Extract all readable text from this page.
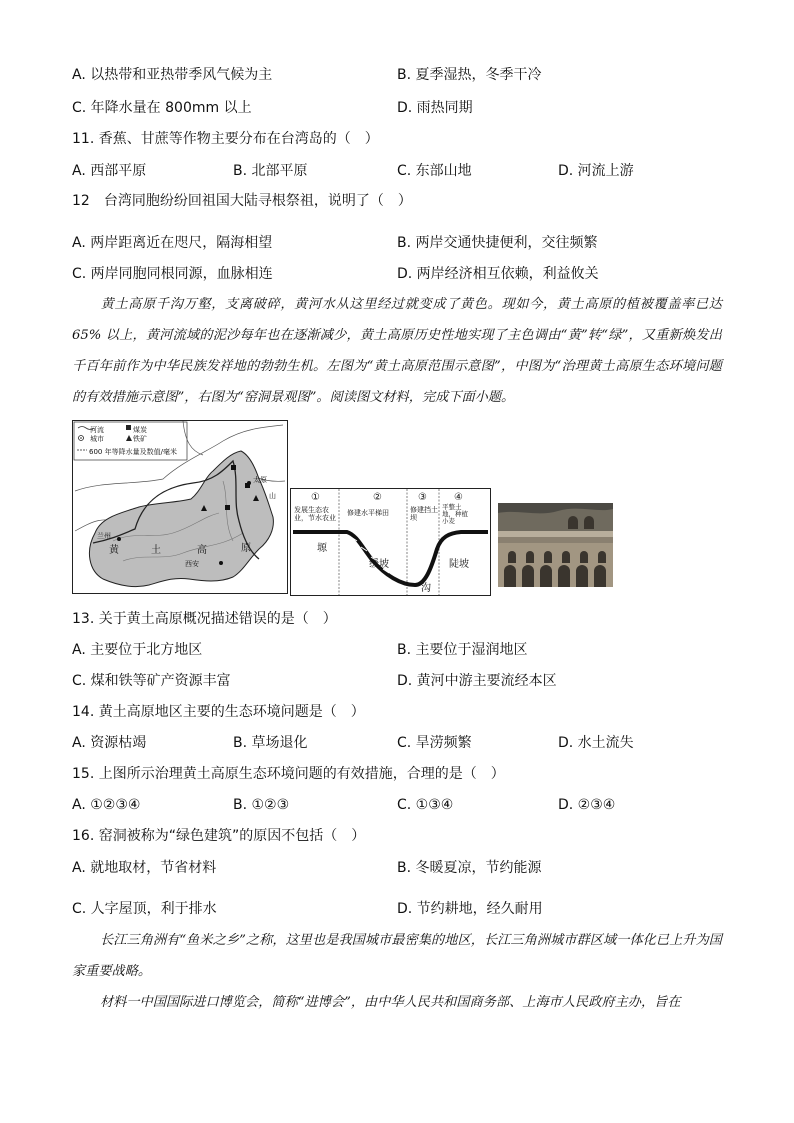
A. 以热带和亚热带季风气候为主	B. 夏季湿热，冬季干冷
C. 年降水量在 800mm 以上	D. 雨热同期
11. 香蕉、甘蔗等作物主要分布在台湾岛的（　）
A. 西部平原	B. 北部平原	C. 东部山地	D. 河流上游
12　台湾同胞纷纷回祖国大陆寻根祭祖，说明了（　）
A. 两岸距离近在咫尺，隔海相望	B. 两岸交通快捷便利，交往频繁
C. 两岸同胞同根同源，血脉相连	D. 两岸经济相互依赖，利益攸关
黄土高原千沟万壑，支离破碎，黄河水从这里经过就变成了黄色。现如今，黄土高原的植被覆盖率已达 65% 以上，黄河流域的泥沙每年也在逐渐减少，黄土高原历史性地实现了主色调由“黄”转“绿”，又重新焕发出千百年前作为中华民族发祥地的勃勃生机。左图为“黄土高原范围示意图”，中图为“治理黄土高原生态环境问题的有效措施示意图”，右图为“窑洞景观图”。阅读图文材料，完成下面小题。
河流	煤炭
城市	铁矿
600 年等降水量及数值/毫米
兰州
黄	土	高	原
西安
太原
山	①	②	③	④
发展生态农业，节水农业
修建水平梯田	修建挡土坝
平整土地，种植小麦
塬
缓坡
沟
陡坡
13. 关于黄土高原概况描述错误的是（　）
A. 主要位于北方地区	B. 主要位于湿润地区
C. 煤和铁等矿产资源丰富	D. 黄河中游主要流经本区
14. 黄土高原地区主要的生态环境问题是（　）
A. 资源枯竭	B. 草场退化	C. 旱涝频繁	D. 水土流失
15. 上图所示治理黄土高原生态环境问题的有效措施，合理的是（　）
A. ①②③④	B. ①②③	C. ①③④	D. ②③④
16. 窑洞被称为“绿色建筑”的原因不包括（　）
A. 就地取材，节省材料	B. 冬暖夏凉，节约能源
C. 人字屋顶，利于排水	D. 节约耕地，经久耐用
长江三角洲有“鱼米之乡”之称，这里也是我国城市最密集的地区，长江三角洲城市群区域一体化已上升为国家重要战略。
材料一中国国际进口博览会，简称“进博会”，由中华人民共和国商务部、上海市人民政府主办，旨在
